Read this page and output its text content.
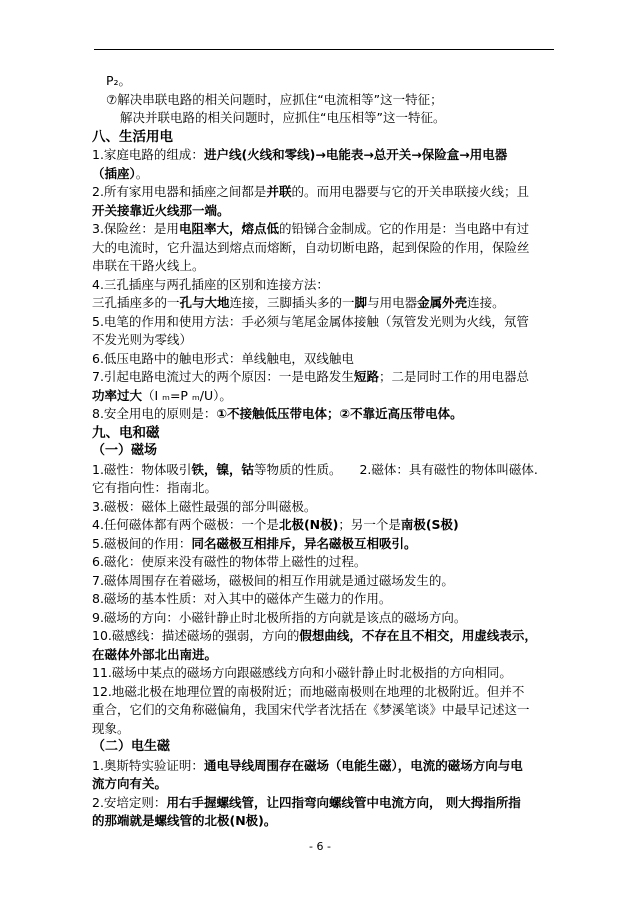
P₂。
⑦解决串联电路的相关问题时，应抓住“电流相等”这一特征；
解决并联电路的相关问题时，应抓住“电压相等”这一特征。
八、生活用电
1.家庭电路的组成：进户线(火线和零线)→电能表→总开关→保险盒→用电器
（插座）。
2.所有家用电器和插座之间都是并联的。而用电器要与它的开关串联接火线；且
开关接靠近火线那一端。
3.保险丝：是用电阻率大，熔点低的铅锑合金制成。它的作用是：当电路中有过
大的电流时，它升温达到熔点而熔断，自动切断电路，起到保险的作用，保险丝
串联在干路火线上。
4.三孔插座与两孔插座的区别和连接方法：
三孔插座多的一孔与大地连接，三脚插头多的一脚与用电器金属外壳连接。
5.电笔的作用和使用方法：手必须与笔尾金属体接触（氖管发光则为火线，氖管
不发光则为零线）
6.低压电路中的触电形式：单线触电，双线触电
7.引起电路电流过大的两个原因：一是电路发生短路；二是同时工作的用电器总
功率过大（I ₘ=P ₘ/U）。
8.安全用电的原则是：①不接触低压带电体；②不靠近高压带电体。
九、电和磁
（一）磁场
1.磁性：物体吸引铁，镍，钴等物质的性质。 2.磁体：具有磁性的物体叫磁体.
它有指向性：指南北。
3.磁极：磁体上磁性最强的部分叫磁极。
4.任何磁体都有两个磁极：一个是北极(N极)；另一个是南极(S极)
5.磁极间的作用：同名磁极互相排斥，异名磁极互相吸引。
6.磁化：使原来没有磁性的物体带上磁性的过程。
7.磁体周围存在着磁场，磁极间的相互作用就是通过磁场发生的。
8.磁场的基本性质：对入其中的磁体产生磁力的作用。
9.磁场的方向：小磁针静止时北极所指的方向就是该点的磁场方向。
10.磁感线：描述磁场的强弱，方向的假想曲线，不存在且不相交，用虚线表示，
在磁体外部北出南进。
11.磁场中某点的磁场方向跟磁感线方向和小磁针静止时北极指的方向相同。
12.地磁北极在地理位置的南极附近；而地磁南极则在地理的北极附近。但并不
重合，它们的交角称磁偏角，我国宋代学者沈括在《梦溪笔谈》中最早记述这一
现象。
（二）电生磁
1.奥斯特实验证明：通电导线周围存在磁场（电能生磁），电流的磁场方向与电
流方向有关。
2.安培定则：用右手握螺线管，让四指弯向螺线管中电流方向， 则大拇指所指
的那端就是螺线管的北极(N极)。
- 6 -
